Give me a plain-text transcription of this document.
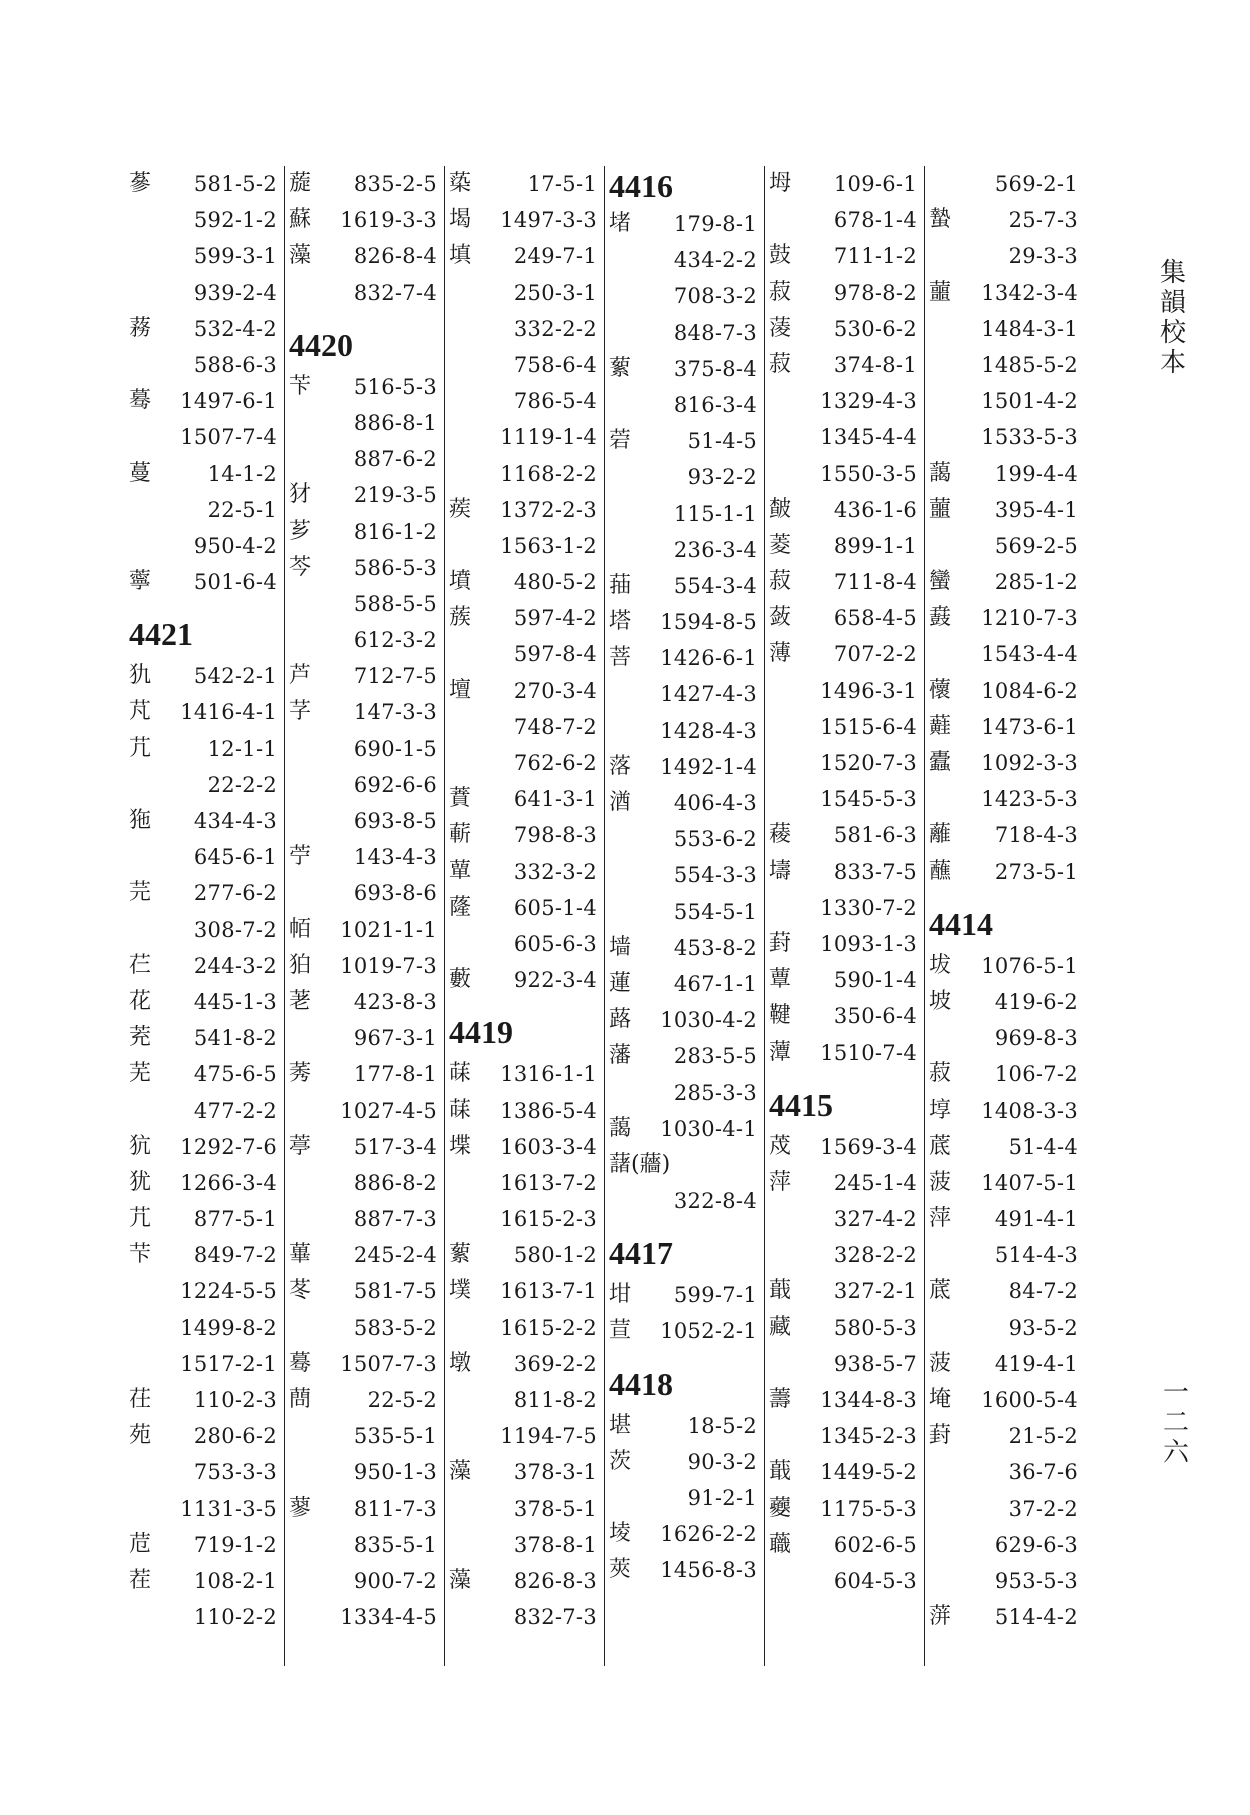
蔘	581-5-2
592-1-2
599-3-1
939-2-4
蓩	532-4-2
588-6-3
蓦	1497-6-1
1507-7-4
蔓	14-1-2
22-5-1
950-4-2
薴	501-6-4
4421
犰	542-2-1
芃	1416-4-1
芁	12-1-1
22-2-2
狏	434-4-3
645-6-1
芫	277-6-2
308-7-2
芢	244-3-2
花	445-1-3
茺	541-8-2
芜	475-6-5
477-2-2
犺	1292-7-6
犹	1266-3-4
芁	877-5-1
芐	849-7-2
1224-5-5
1499-8-2
1517-2-1
茌	110-2-3
苑	280-6-2
753-3-3
1131-3-5
苊	719-1-2
茬	108-2-1
110-2-2
蔙	835-2-5
蘇	1619-3-3
藻	826-8-4
832-7-4
4420
苄	516-5-3
886-8-1
887-6-2
犲	219-3-5
芗	816-1-2
芩	586-5-3
588-5-5
612-3-2
芦	712-7-5
芓	147-3-3
690-1-5
692-6-6
693-8-5
苧	143-4-3
693-8-6
帞	1021-1-1
狛	1019-7-3
荖	423-8-3
967-3-1
莠	177-8-1
1027-4-5
葶	517-3-4
886-8-2
887-7-3
蓽	245-2-4
苳	581-7-5
583-5-2
蓦	1507-7-3
蔄	22-5-2
535-5-1
950-1-3
蓼	811-7-3
835-5-1
900-7-2
1334-4-5
蒅	17-5-1
堨	1497-3-3
填	249-7-1
250-3-1
332-2-2
758-6-4
786-5-4
1119-1-4
1168-2-2
蒺	1372-2-3
1563-1-2
墳	480-5-2
蔟	597-4-2
597-8-4
壇	270-3-4
748-7-2
762-6-2
蕡	641-3-1
蔪	798-8-3
蕇	332-3-2
蕯	605-1-4
605-6-3
藪	922-3-4
4419
菋	1316-1-1
菋	1386-5-4
堞	1603-3-4
1613-7-2
1615-2-3
蕠	580-1-2
墣	1613-7-1
1615-2-2
墩	369-2-2
811-8-2
1194-7-5
藻	378-3-1
378-5-1
378-8-1
藻	826-8-3
832-7-3
4416
堵	179-8-1
434-2-2
708-3-2
848-7-3
蕠	375-8-4
816-3-4
菪	51-4-5
93-2-2
115-1-1
236-3-4
菗	554-3-4
塔	1594-8-5
菩	1426-6-1
1427-4-3
1428-4-3
落	1492-1-4
湭	406-4-3
553-6-2
554-3-3
554-5-1
墙	453-8-2
蓮	467-1-1
蕗	1030-4-2
藩	283-5-5
285-3-3
藹	1030-4-1
藷(蘠)
322-8-4
4417
坩	599-7-1
荁	1052-2-1
4418
堪	18-5-2
茨	90-3-2
91-2-1
堎	1626-2-2
莢	1456-8-3
坶	109-6-1
678-1-4
鼓	711-1-2
菽	978-8-2
蓤	530-6-2
菽	374-8-1
1329-4-3
1345-4-4
1550-3-5
皶	436-1-6
菱	899-1-1
菽	711-8-4
蔹	658-4-5
薄	707-2-2
1496-3-1
1515-6-4
1520-7-3
1545-5-3
薐	581-6-3
壔	833-7-5
1330-7-2
葑	1093-1-3
蕈	590-1-4
鞬	350-6-4
藫	1510-7-4
4415
荗	1569-3-4
萍	245-1-4
327-4-2
328-2-2
蕺	327-2-1
藏	580-5-3
938-5-7
薵	1344-8-3
1345-2-3
蕺	1449-5-2
蘷	1175-5-3
蘵	602-6-5
604-5-3
569-2-1
蟄	25-7-3
29-3-3
蘁	1342-3-4
1484-3-1
1485-5-2
1501-4-2
1533-5-3
藹	199-4-4
蘁	395-4-1
569-2-5
蠻	285-1-2
鼖	1210-7-3
1543-4-4
蘹	1084-6-2
蘳	1473-6-1
蠹	1092-3-3
1423-5-3
蘺	718-4-3
蘸	273-5-1
4414
坺	1076-5-1
坡	419-6-2
969-8-3
菽	106-7-2
埻	1408-3-3
菧	51-4-4
菠	1407-5-1
萍	491-4-1
514-4-3
菧	84-7-2
93-5-2
菠	419-4-1
埯	1600-5-4
葑	21-5-2
36-7-6
37-2-2
629-6-3
953-5-3
蓱	514-4-2
集韻校本
一二六
